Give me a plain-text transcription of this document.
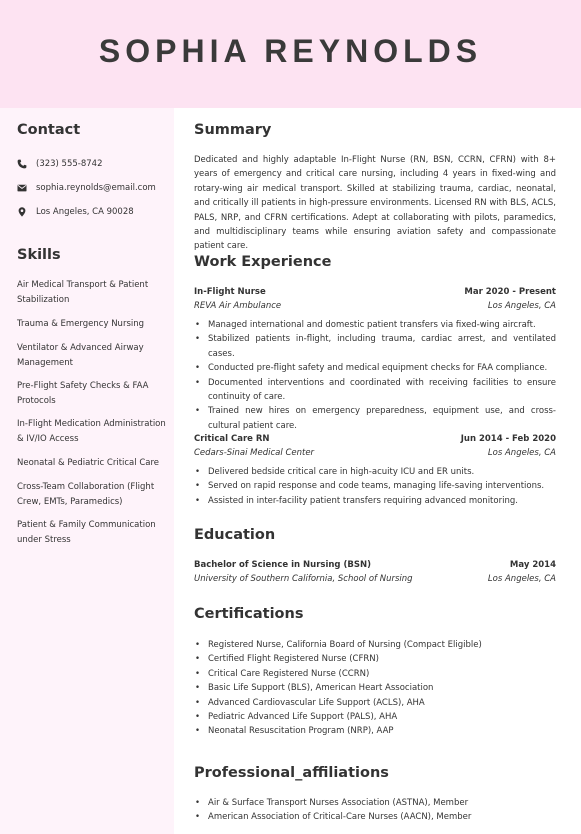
SOPHIA REYNOLDS
Contact
(323) 555-8742
sophia.reynolds@email.com
Los Angeles, CA 90028
Skills
Air Medical Transport & Patient Stabilization
Trauma & Emergency Nursing
Ventilator & Advanced Airway Management
Pre-Flight Safety Checks & FAA Protocols
In-Flight Medication Administration & IV/IO Access
Neonatal & Pediatric Critical Care
Cross-Team Collaboration (Flight Crew, EMTs, Paramedics)
Patient & Family Communication under Stress
Summary
Dedicated and highly adaptable In-Flight Nurse (RN, BSN, CCRN, CFRN) with 8+ years of emergency and critical care nursing, including 4 years in fixed-wing and rotary-wing air medical transport. Skilled at stabilizing trauma, cardiac, neonatal, and critically ill patients in high-pressure environments. Licensed RN with BLS, ACLS, PALS, NRP, and CFRN certifications. Adept at collaborating with pilots, paramedics, and multidisciplinary teams while ensuring aviation safety and compassionate patient care.
Work Experience
In-Flight Nurse	Mar 2020 - Present
REVA Air Ambulance	Los Angeles, CA
• Managed international and domestic patient transfers via fixed-wing aircraft.
• Stabilized patients in-flight, including trauma, cardiac arrest, and ventilated cases.
• Conducted pre-flight safety and medical equipment checks for FAA compliance.
• Documented interventions and coordinated with receiving facilities to ensure continuity of care.
• Trained new hires on emergency preparedness, equipment use, and cross-cultural patient care.
Critical Care RN	Jun 2014 - Feb 2020
Cedars-Sinai Medical Center	Los Angeles, CA
• Delivered bedside critical care in high-acuity ICU and ER units.
• Served on rapid response and code teams, managing life-saving interventions.
• Assisted in inter-facility patient transfers requiring advanced monitoring.
Education
Bachelor of Science in Nursing (BSN)	May 2014
University of Southern California, School of Nursing	Los Angeles, CA
Certifications
• Registered Nurse, California Board of Nursing (Compact Eligible)
• Certified Flight Registered Nurse (CFRN)
• Critical Care Registered Nurse (CCRN)
• Basic Life Support (BLS), American Heart Association
• Advanced Cardiovascular Life Support (ACLS), AHA
• Pediatric Advanced Life Support (PALS), AHA
• Neonatal Resuscitation Program (NRP), AAP
Professional_affiliations
• Air & Surface Transport Nurses Association (ASTNA), Member
• American Association of Critical-Care Nurses (AACN), Member
